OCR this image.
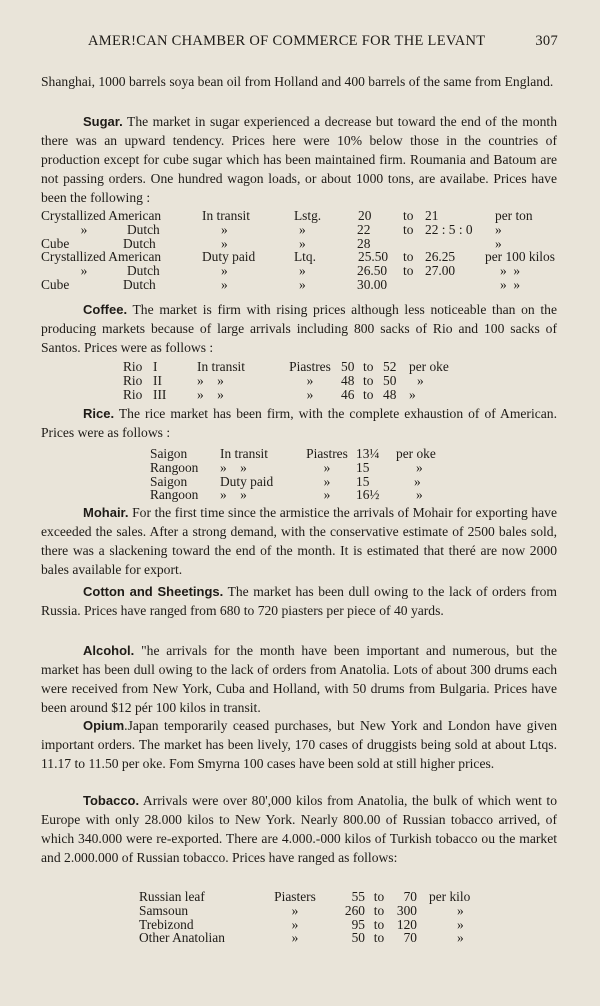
AMER!CAN CHAMBER OF COMMERCE FOR THE LEVANT	307

Shanghai, 1000 barrels soya bean oil from Holland and 400 barrels of the same from England.

Sugar. The market in sugar experienced a decrease but toward the end of the month there was an upward tendency. Prices here were 10% below those in the countries of production except for cube sugar which has been maintained firm. Roumania and Batoum are not passing orders. One hundred wagon loads, or about 1000 tons, are availabe. Prices have been the following :

Crystallized American	In transit	Lstg.	20	to 21	per ton
»	Dutch	»	»	22	to 22 : 5 : 0	»
Cube	Dutch	»	»	28	»
Crystallized American	Duty paid	Ltq.	25.50	to 26.25	per 100 kilos
»	Dutch	»	»	26.50	to 27.00	»  »
Cube	Dutch	»	»	30.00	»  »

Coffee. The market is firm with rising prices although less noticeable than on the producing markets because of large arrivals including 800 sacks of Rio and 100 sacks of Santos. Prices were as follows :

Rio I	In transit	Piastres 50 to 52 per oke
Rio II	»    »	»	48 to 50	»
Rio III	»    »	»	46 to 48 »

Rice. The rice market has been firm, with the complete exhaustion of of American. Prices were as follows :

Saigon	In transit	Piastres 13¼	per oke
Rangoon	»    »	»	15	»
Saigon	Duty paid	»	15	»
Rangoon	»    »	»	16½	»

Mohair. For the first time since the armistice the arrivals of Mohair for exporting have exceeded the sales. After a strong demand, with the conservative estimate of 2500 bales sold, there was a slackening toward the end of the month. It is estimated that theré are now 2000 bales available for export.

Cotton and Sheetings. The market has been dull owing to the lack of orders from Russia. Prices have ranged from 680 to 720 piasters per piece of 40 yards.

Alcohol. "he arrivals for the month have been important and numerous, but the market has been dull owing to the lack of orders from Anatolia. Lots of about 300 drums each were received from New York, Cuba and Holland, with 50 drums from Bulgaria. Prices have been around $12 pér 100 kilos in transit.

Opium.Japan temporarily ceased purchases, but New York and London have given important orders. The market has been lively, 170 cases of druggists being sold at about Ltqs. 11.17 to 11.50 per oke. Fom Smyrna 100 cases have been sold at still higher prices.

Tobacco. Arrivals were over 80',000 kilos from Anatolia, the bulk of which went to Europe with only 28.000 kilos to New York. Nearly 800.00 of Russian tobacco arrived, of which 340.000 were re-exported. There are 4.000.-000 kilos of Turkish tobacco ou the market and 2.000.000 of Russian tobacco. Prices have ranged as follows:

Russian leaf	Piasters	55 to	70 per kilo
Samsoun	»	260 to 300	»
Trebizond	»	95 to 120	»
Other Anatolian	»	50 to	70	»
